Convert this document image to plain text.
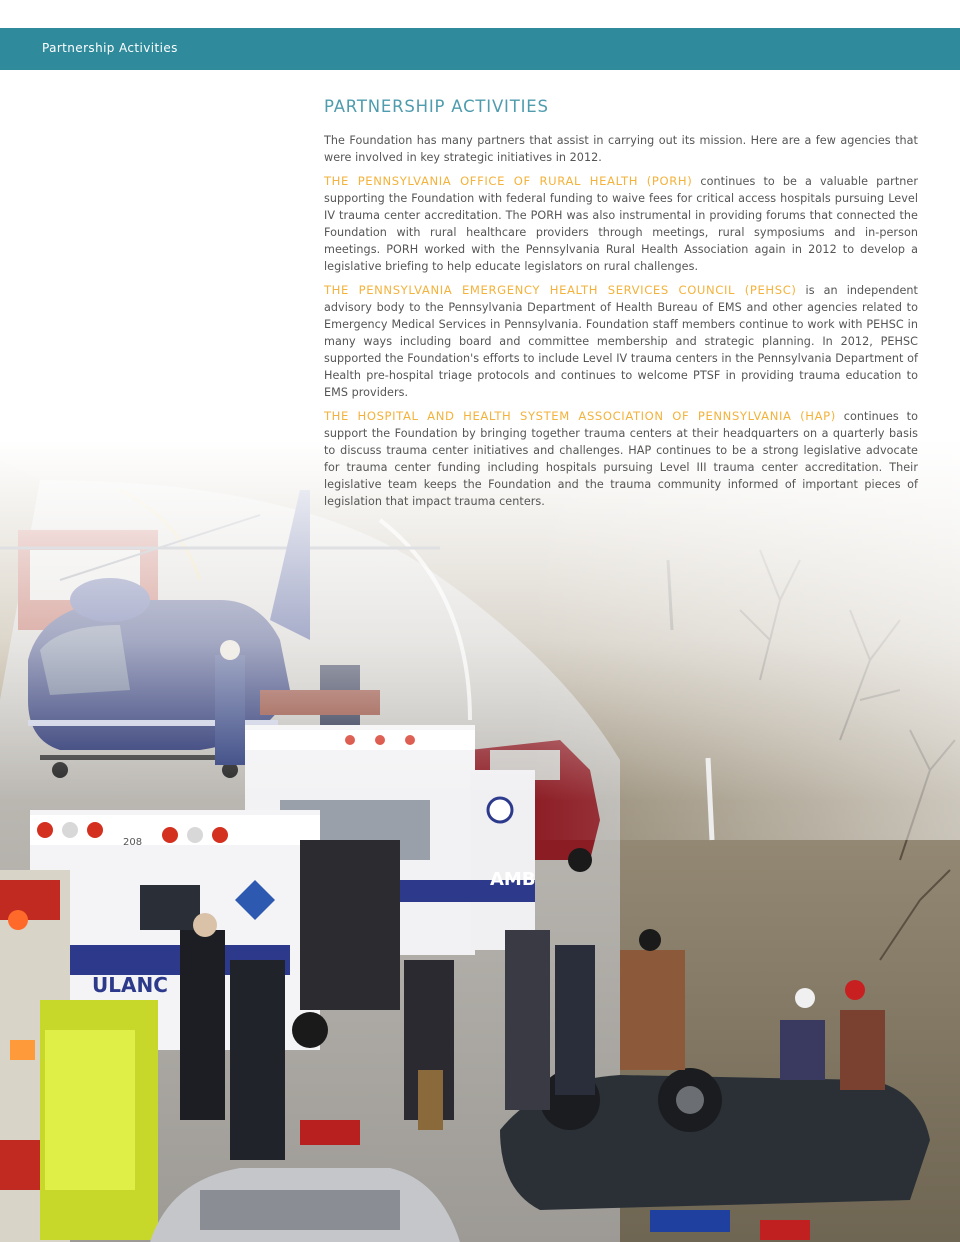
Partnership Activities
PARTNERSHIP ACTIVITIES

The Foundation has many partners that assist in carrying out its mission. Here are a few agencies that were involved in key strategic initiatives in 2012.

THE PENNSYLVANIA OFFICE OF RURAL HEALTH (PORH) continues to be a valuable partner supporting the Foundation with federal funding to waive fees for critical access hospitals pursuing Level IV trauma center accreditation. The PORH was also instrumental in providing forums that connected the Foundation with rural healthcare providers through meetings, rural symposiums and in-person meetings. PORH worked with the Pennsylvania Rural Health Association again in 2012 to develop a legislative briefing to help educate legislators on rural challenges.

THE PENNSYLVANIA EMERGENCY HEALTH SERVICES COUNCIL (PEHSC) is an independent advisory body to the Pennsylvania Department of Health Bureau of EMS and other agencies related to Emergency Medical Services in Pennsylvania. Foundation staff members continue to work with PEHSC in many ways including board and committee membership and strategic planning. In 2012, PEHSC supported the Foundation's efforts to include Level IV trauma centers in the Pennsylvania Department of Health pre-hospital triage protocols and continues to welcome PTSF in providing trauma education to EMS providers.

THE HOSPITAL AND HEALTH SYSTEM ASSOCIATION OF PENNSYLVANIA (HAP) continues to support the Foundation by bringing together trauma centers at their headquarters on a quarterly basis to discuss trauma center initiatives and challenges. HAP continues to be a strong legislative advocate for trauma center funding including hospitals pursuing Level III trauma center accreditation. Their legislative team keeps the Foundation and the trauma community informed of important pieces of legislation that impact trauma centers.
